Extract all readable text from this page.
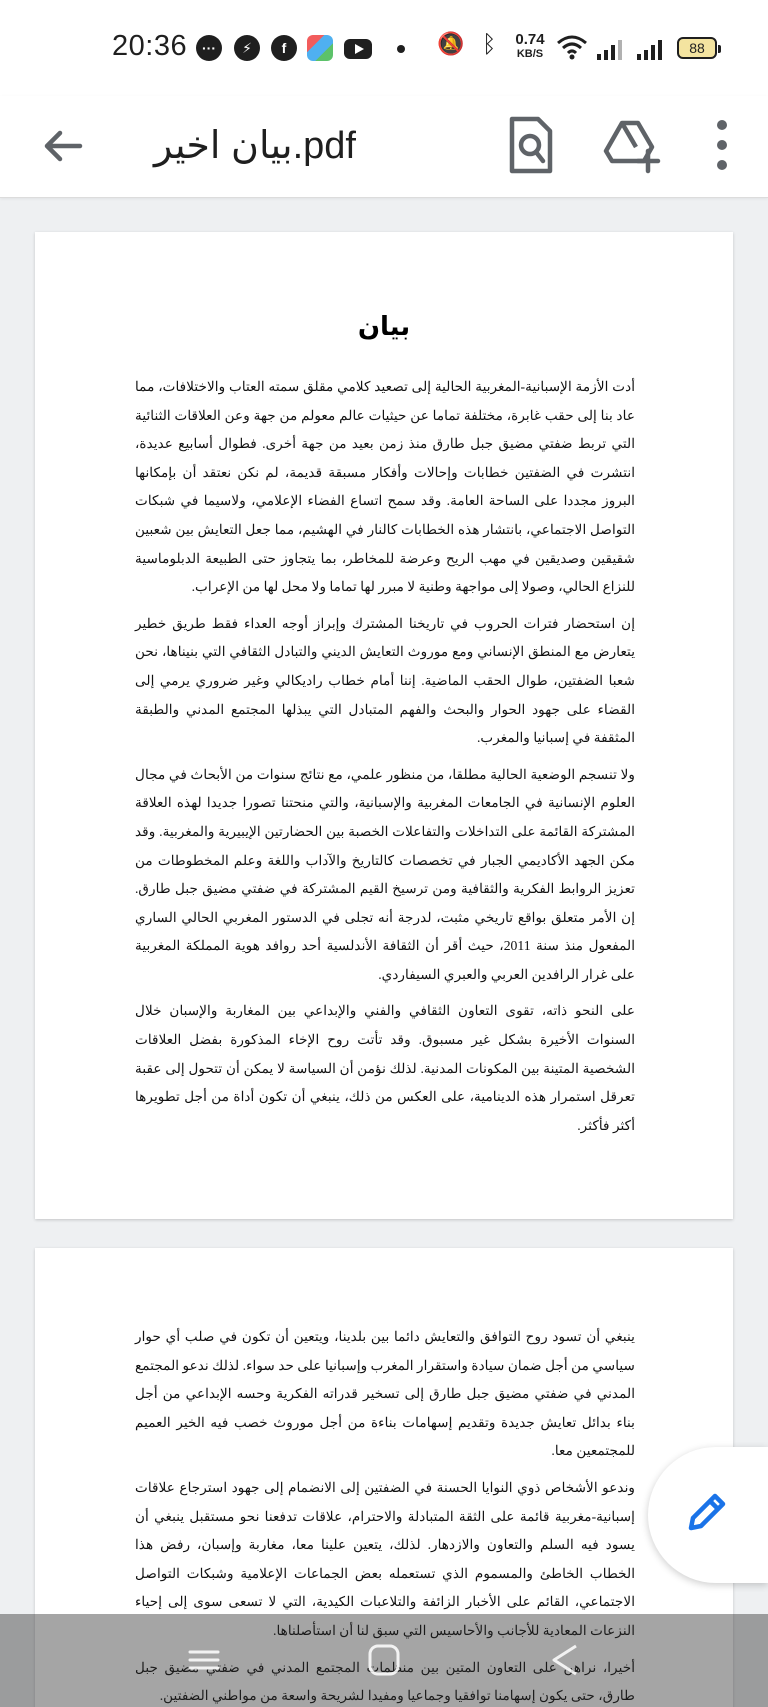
20:36	···	⚡	f	🔕 ᛒ 0.74
KB/S	88
بيان اخير.pdf
بيان

أدت الأزمة الإسبانية-المغربية الحالية إلى تصعيد كلامي مقلق سمته العتاب والاختلافات، مما عاد بنا إلى حقب غابرة، مختلفة تماما عن حيثيات عالم معولم من جهة وعن العلاقات الثنائية التي تربط ضفتي مضيق جبل طارق منذ زمن بعيد من جهة أخرى. فطوال أسابيع عديدة، انتشرت في الضفتين خطابات وإحالات وأفكار مسبقة قديمة، لم نكن نعتقد أن بإمكانها البروز مجددا على الساحة العامة. وقد سمح اتساع الفضاء الإعلامي، ولاسيما في شبكات التواصل الاجتماعي، بانتشار هذه الخطابات كالنار في الهشيم، مما جعل التعايش بين شعبين شقيقين وصديقين في مهب الريح وعرضة للمخاطر، بما يتجاوز حتى الطبيعة الدبلوماسية للنزاع الحالي، وصولا إلى مواجهة وطنية لا مبرر لها تماما ولا محل لها من الإعراب.

إن استحضار فترات الحروب في تاريخنا المشترك وإبراز أوجه العداء فقط طريق خطير يتعارض مع المنطق الإنساني ومع موروث التعايش الديني والتبادل الثقافي التي بنيناها، نحن شعبا الضفتين، طوال الحقب الماضية. إننا أمام خطاب راديكالي وغير ضروري يرمي إلى القضاء على جهود الحوار والبحث والفهم المتبادل التي يبذلها المجتمع المدني والطبقة المثقفة في إسبانيا والمغرب.

ولا تنسجم الوضعية الحالية مطلقا، من منظور علمي، مع نتائج سنوات من الأبحاث في مجال العلوم الإنسانية في الجامعات المغربية والإسبانية، والتي منحتنا تصورا جديدا لهذه العلاقة المشتركة القائمة على التداخلات والتفاعلات الخصبة بين الحضارتين الإيبيرية والمغربية. وقد مكن الجهد الأكاديمي الجبار في تخصصات كالتاريخ والآداب واللغة وعلم المخطوطات من تعزيز الروابط الفكرية والثقافية ومن ترسيخ القيم المشتركة في ضفتي مضيق جبل طارق. إن الأمر متعلق بواقع تاريخي مثبت، لدرجة أنه تجلى في الدستور المغربي الحالي الساري المفعول منذ سنة 2011، حيث أقر أن الثقافة الأندلسية أحد روافد هوية المملكة المغربية على غرار الرافدين العربي والعبري السيفاردي.

على النحو ذاته، تقوى التعاون الثقافي والفني والإبداعي بين المغاربة والإسبان خلال السنوات الأخيرة بشكل غير مسبوق. وقد تأتت روح الإخاء المذكورة بفضل العلاقات الشخصية المتينة بين المكونات المدنية. لذلك نؤمن أن السياسة لا يمكن أن تتحول إلى عقبة تعرقل استمرار هذه الدينامية، على العكس من ذلك، ينبغي أن تكون أداة من أجل تطويرها أكثر فأكثر.

ينبغي أن تسود روح التوافق والتعايش دائما بين بلدينا، ويتعين أن تكون في صلب أي حوار سياسي من أجل ضمان سيادة واستقرار المغرب وإسبانيا على حد سواء. لذلك ندعو المجتمع المدني في ضفتي مضيق جبل طارق إلى تسخير قدراته الفكرية وحسه الإبداعي من أجل بناء بدائل تعايش جديدة وتقديم إسهامات بناءة من أجل موروث خصب فيه الخير العميم للمجتمعين معا.

وندعو الأشخاص ذوي النوايا الحسنة في الضفتين إلى الانضمام إلى جهود استرجاع علاقات إسبانية-مغربية قائمة على الثقة المتبادلة والاحترام، علاقات تدفعنا نحو مستقبل ينبغي أن يسود فيه السلم والتعاون والازدهار. لذلك، يتعين علينا معا، مغاربة وإسبان، رفض هذا الخطاب الخاطئ والمسموم الذي تستعمله بعض الجماعات الإعلامية وشبكات التواصل الاجتماعي، القائم على الأخبار الزائفة والتلاعبات الكيدية، التي لا تسعى سوى إلى إحياء النزعات المعادية للأجانب والأحاسيس التي سبق لنا أن استأصلناها.

أخيرا، نراهن على التعاون المتين بين منظمات المجتمع المدني في ضفتي مضيق جبل طارق، حتى يكون إسهامنا توافقيا وجماعيا ومفيدا لشريحة واسعة من مواطني الضفتين.
